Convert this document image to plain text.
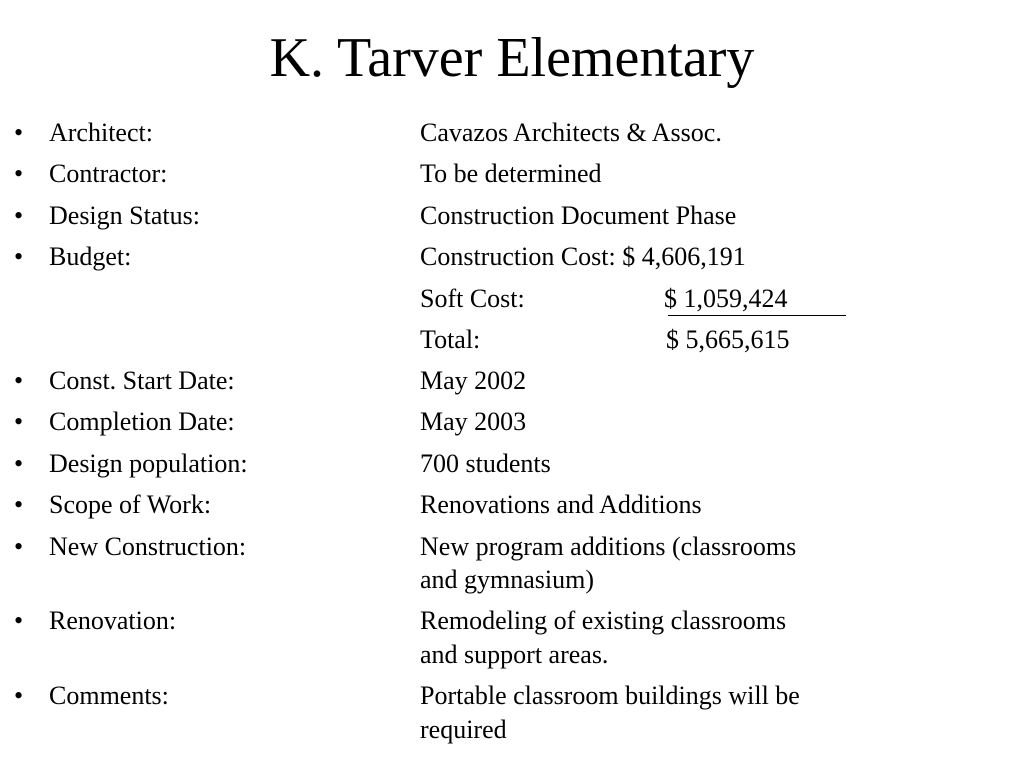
K. Tarver Elementary
• Architect:	Cavazos Architects & Assoc.
• Contractor:	To be determined
• Design Status:	Construction Document Phase
• Budget:	Construction Cost: $ 4,606,191
Soft Cost:	$ 1,059,424
Total:	$ 5,665,615
• Const. Start Date:	May 2002
• Completion Date:	May 2003
• Design population:	700 students
• Scope of Work:	Renovations and Additions
• New Construction:	New program additions (classrooms
and gymnasium)
• Renovation:	Remodeling of existing classrooms
and support areas.
• Comments:	Portable classroom buildings will be
required
